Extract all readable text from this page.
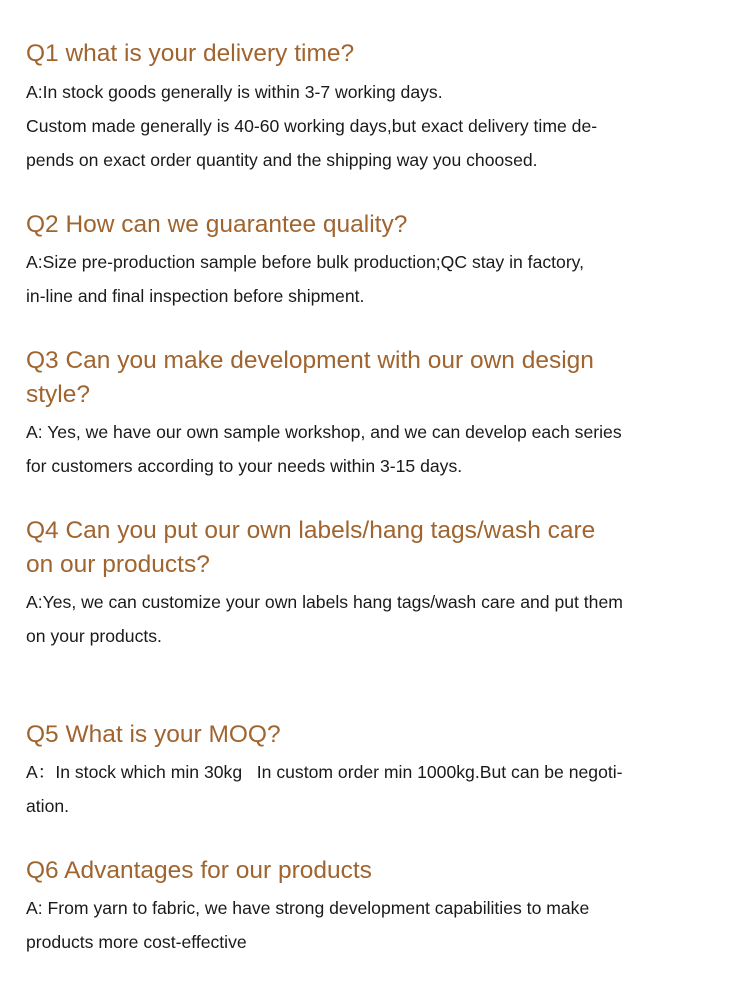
Q1 what is your delivery time?

A:In stock goods generally is within 3-7 working days.

Custom made generally is 40-60 working days,but exact delivery time de-

pends on exact order quantity and the shipping way you choosed.

Q2 How can we guarantee quality?

A:Size pre-production sample before bulk production;QC stay in factory,

in-line and final inspection before shipment.

Q3 Can you make development with our own design
style?

A: Yes, we have our own sample workshop, and we can develop each series

for customers according to your needs within 3-15 days.

Q4 Can you put our own labels/hang tags/wash care
on our products?

A:Yes, we can customize your own labels hang tags/wash care and put them

on your products.

Q5 What is your MOQ?

A：In stock which min 30kg   In custom order min 1000kg.But can be negoti-

ation.

Q6 Advantages for our products

A: From yarn to fabric, we have strong development capabilities to make

products more cost-effective
